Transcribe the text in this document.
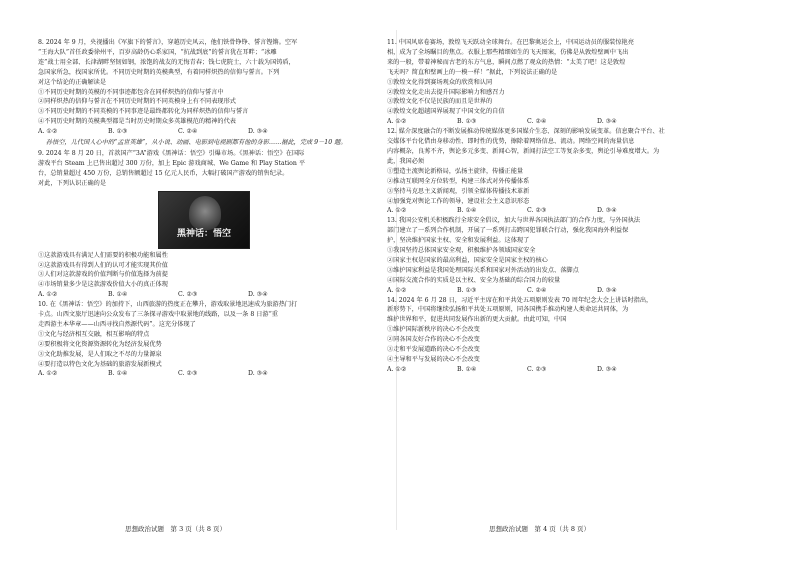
8. 2024 年 9 月，央视播出《军旗下的誓言》，穿越历史风云，他们铁骨铮铮、誓言铿锵。空军

“王海大队”首任政委徐州平，百岁高龄仍心系家国，“抗战到底”的誓言犹在耳畔；“冰雕

连”战士用全部、长津湖畔坚韧如钢，浓饱的战友的无悔青春；钱七虎院士，六十载为国铸盾，

急国家所急，找国家所优。不同历史时期的英模典型，有着同样炽热的信仰与誓言。下列

对这个结论的正确解读是

①不同历史时期的英模的不同事迹都包含在同样炽热的信仰与誓言中

②同样炽热的信仰与誓言在不同历史时期的不同英模身上有不同表现形式

③不同历史时期的不同英模的不同事迹是最终都转化为同样炽热的信仰与誓言

④不同历史时期的英模典型都是当时历史时期众多英雄模范的精神的代表

A. ①②	B. ①③	C. ②④	D. ③④

孙悟空，儿代国人心中的“孟世英雄”，从小说、动画、电影到电视剧都有他的身影……据此，完成 9－10 题。

9. 2024 年 8 月 20 日，首款国产“3A”游戏《黑神话：悟空》引爆市场。《黑神话：悟空》在国际

游戏平台 Steam 上已售出超过 300 万份，加上 Epic 游戏商城、We Game 和 Play Station 平

台，总销量超过 450 万份，总销售额超过 15 亿元人民币，大幅打破国产游戏的销售纪录。

对此，下列认识正确的是

黑神话：悟空

①这款游戏具有满足人们需要的积极功能和属性

②这款游戏具有得到人们的认可才能实现其价值

③人们对这款游戏的价值判断与价值选择为前提

④市场销量多少是这款游戏价值大小的真正体现

A. ①②	B. ①④	C. ②③	D. ③④

10. 在《黑神话：悟空》的加持下，山西旅游的热度正在攀升，游戏取景地迅速成为旅游热门打

卡点。山西文旅厅迅速向公众发布了三条探寻游戏中取景地的线路，以及一条 8 日游“重

走西游主本华章——山西寻找自然源代码”。这充分体现了

①文化与经济相互交融，相互影响的特点

②要积极将文化资源资源转化为经济发展优势

③文化助推发展，是人们取之不尽的力量源泉

④要打造以特色文化为基础的旅游发展新模式

A. ①②	B. ①④	C. ②③	D. ③④
思想政治试题　第 3 页（共 8 页）

11. 中国风席卷赛场，敦煌飞天跃动全球舞台。在巴黎奥运会上，中国运动员的服装惊艳亮

相，成为了全场瞩目的焦点。衣服上那些精细如生的飞天图案，仿佛是从敦煌壁画中飞出

来的一般，带着神秘而古老的东方气息，瞬间点燃了观众的热情：“太美了吧！这是敦煌

飞天吗？简直和壁画上的一模一样！”据此，下列说法正确的是

①敦煌文化得到赛场观众的欣赏和认同

②敦煌文化走出去提升国际影响力和感召力

③敦煌文化不仅是民族的而且是世界的

④敦煌文化超越国界展现了中国文化的自信

A. ①②	B. ①③	C. ②④	D. ③④

12. 媒介深度融合的不断发展推动传统媒体更多国媒介生态、深刻的影响发展变革。信息聚合平台、社

交媒体平台化借由身移动性、即时性的优势，擦除着网络信息、流动。网络空间的海量信息

内容概杂，良莠不齐，舆论多元多变、新闻心智，新闻打法空工等复杂多变，舆论引导难度增大。为

此，我国必须

①塑造主流舆论新格局，弘扬主旋律，传播正能量

②推动互联网全方位转型，构建三体式对外传播体系

③坚持马克思主义新闻观，引领全媒体传播技术革新

④加强党对舆论工作的领导，建设社会主义意识形态

A. ①②	B. ①④	C. ②③	D. ③④

13. 我国公安机关积极践行全球安全倡议，加大与世界各国执法部门的合作力度，与外国执法

部门建立了一系列合作机制，开展了一系列打击跨国犯罪联合行动，强化我国海外利益保

护，坚决维护国家主权、安全和发展利益。这体现了

①我国坚持总体国家安全观，积极维护各领域国家安全

②国家主权是国家的最高利益，国家安全是国家主权的核心

③维护国家利益是我国处理国际关系和国家对外活动的出发点、落脚点

④国际交流合作的实质是以主权、安全为基础的综合国力的较量

A. ①②	B. ①③	C. ②④	D. ③④

14. 2024 年 6 月 28 日，习近平主席在和平共处五项原则发表 70 周年纪念大会上讲话时指出，

新形势下，中国将继续弘扬和平共处五项原则，同各国携手推动构建人类命运共同体，为

维护世界和平，促进共同发展作出新的更大贡献。由此可知，中国

①维护国际新秩序的决心不会改变

②同各国友好合作的决心不会改变

③走和平发展道路的决心不会改变

④主导和平与发展的决心不会改变

A. ①②	B. ①④	C. ②③	D. ③④
思想政治试题　第 4 页（共 8 页）
